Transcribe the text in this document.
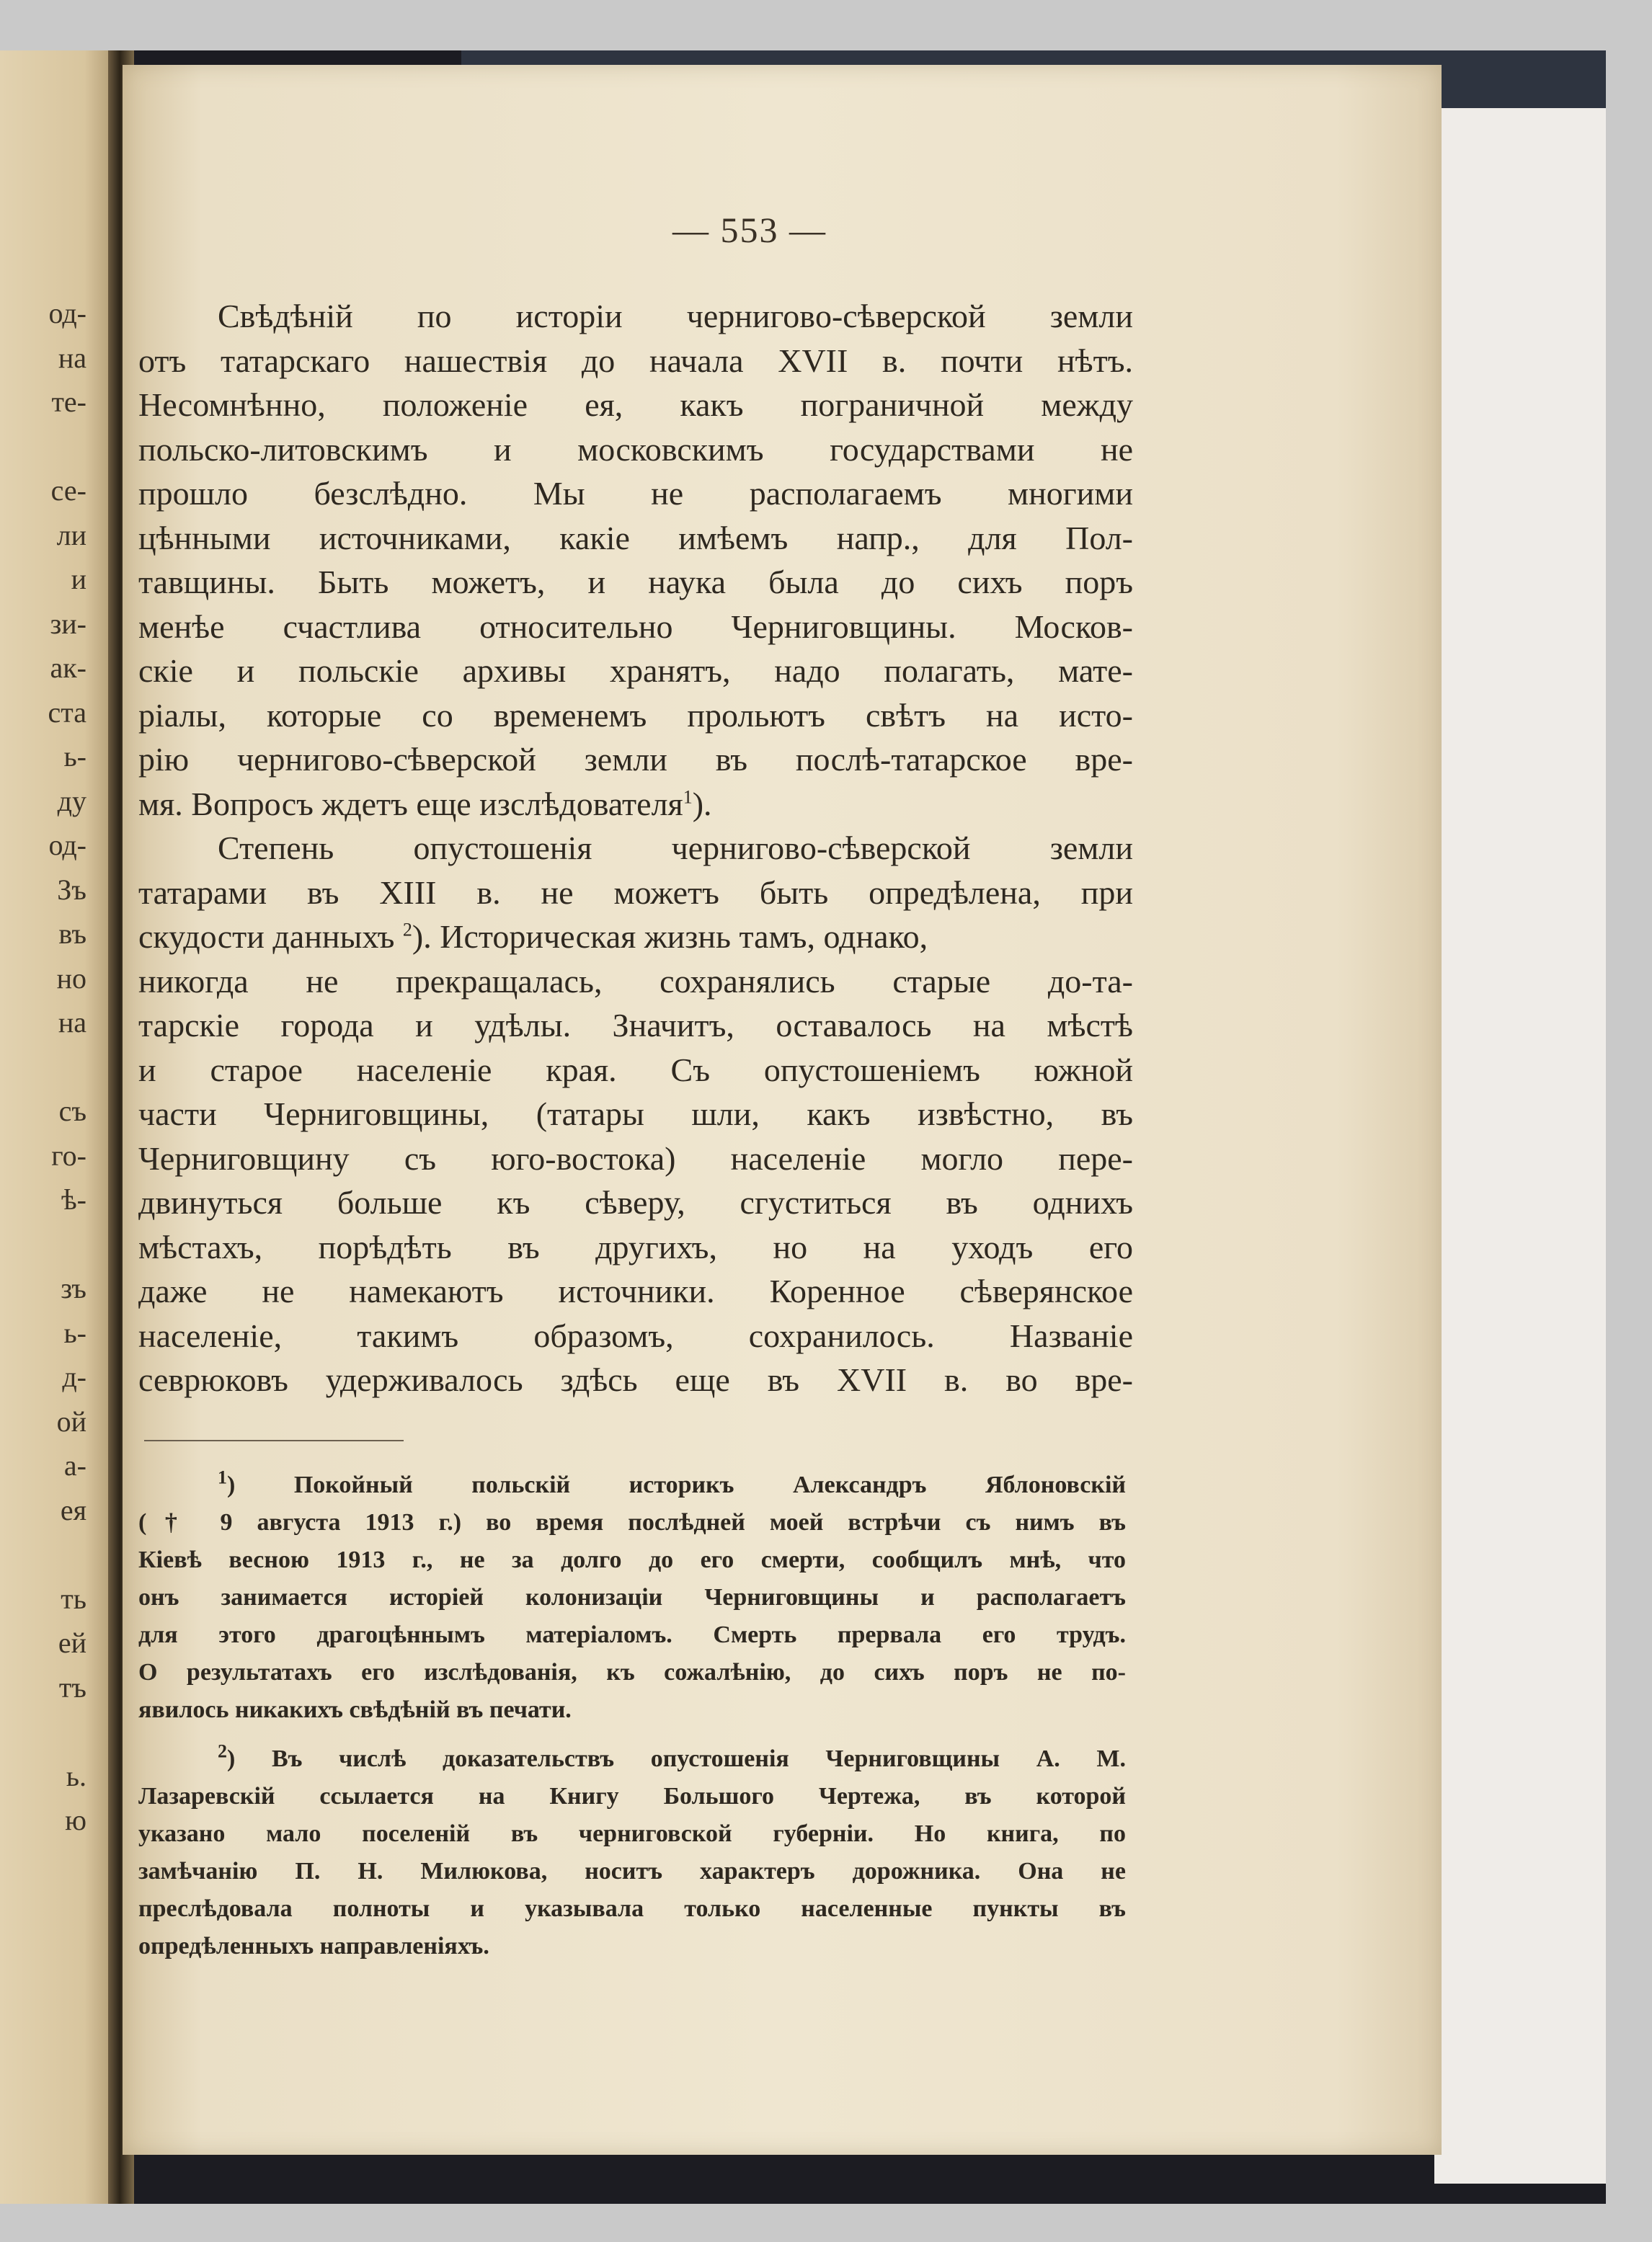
од-
на
те-
се-
ли
и
зи-
ак-
ста
ь-
ду
од-
Зъ
въ
но
на
съ
го-
ѣ-
зъ
ь-
д-
ой
а-
ея
ть
ей
тъ
ь.
ю
— 553 —
Свѣдѣній по исторіи черниговo-сѣверской земли
отъ татарскаго нашествія до начала XVII в. почти нѣтъ.
Несомнѣнно, положеніе ея, какъ пограничной между
польско-литовскимъ и московскимъ государствами не
прошло безслѣдно. Мы не располагаемъ многими
цѣнными источниками, какіе имѣемъ напр., для Пол-
тавщины. Быть можетъ, и наука была до сихъ поръ
менѣе счастлива относительно Черниговщины. Москов-
скіе и польскіе архивы хранятъ, надо полагать, мате-
ріалы, которые со временемъ прольютъ свѣтъ на исто-
рію черниговo-сѣверской земли въ послѣ-татарское вре-
мя. Вопросъ ждетъ еще изслѣдователя$^1$).
Степень опустошенія черниговo-сѣверской земли
татарами въ XIII в. не можетъ быть опредѣлена, при
скудости данныхъ $^2$). Историческая жизнь тамъ, однако,
никогда не прекращалась, сохранялись старые до-та-
тарскіе города и удѣлы. Значитъ, оставалось на мѣстѣ
и старое населеніе края. Съ опустошеніемъ южной
части Черниговщины, (татары шли, какъ извѣстно, въ
Черниговщину съ юго-востока) населеніе могло пере-
двинуться больше къ сѣверу, сгуститься въ однихъ
мѣстахъ, порѣдѣть въ другихъ, но на уходъ его
даже не намекаютъ источники. Коренное сѣверянское
населеніе, такимъ образомъ, сохранилось. Названіе
севрюковъ удерживалось здѣсь еще въ XVII в. во вре-
$^1$) Покойный польскій историкъ Александръ Яблоновскій
(† 9 августа 1913 г.) во время послѣдней моей встрѣчи съ нимъ въ
Кіевѣ весною 1913 г., не за долго до его смерти, сообщилъ мнѣ, что
онъ занимается исторіей колонизаціи Черниговщины и располагаетъ
для этого драгоцѣннымъ матеріаломъ. Смерть прервала его трудъ.
О результатахъ его изслѣдованія, къ сожалѣнію, до сихъ поръ не по-
явилось никакихъ свѣдѣній въ печати.
$^2$) Въ числѣ доказательствъ опустошенія Черниговщины А. М.
Лазаревскій ссылается на Книгу Большого Чертежа, въ которой
указано мало поселеній въ черниговской губерніи. Но книга, по
замѣчанію П. Н. Милюкова, носитъ характеръ дорожника. Она не
преслѣдовала полноты и указывала только населенные пункты въ
опредѣленныхъ направленіяхъ.
